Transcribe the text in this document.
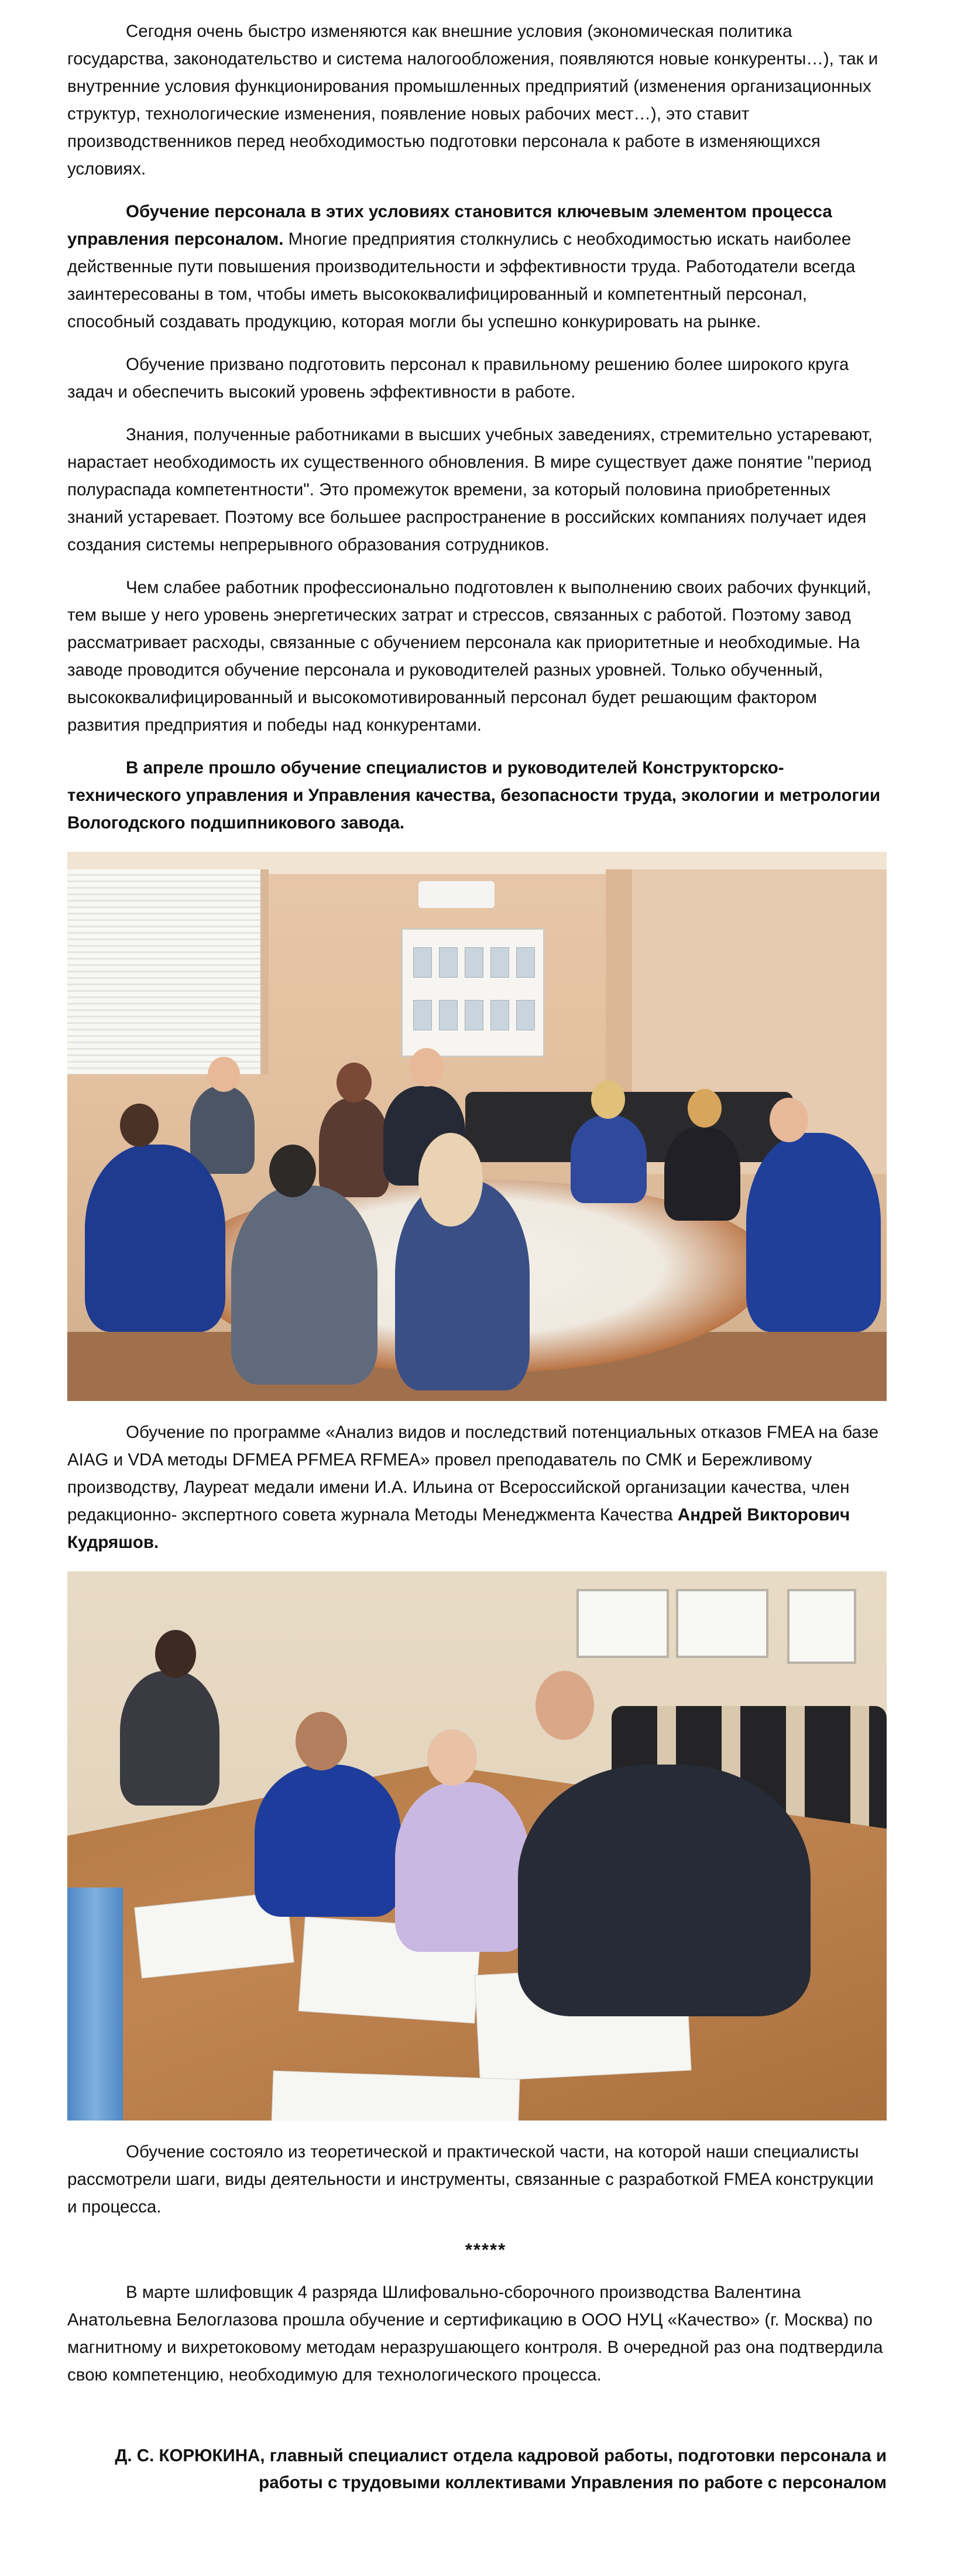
Сегодня очень быстро изменяются как внешние условия (экономическая политика государства, законодательство и система налогообложения, появляются новые конкуренты…), так и внутренние условия функционирования промышленных предприятий (изменения организационных структур, технологические изменения, появление новых рабочих мест…), это ставит производственников перед необходимостью подготовки персонала к работе в изменяющихся условиях.

Обучение персонала в этих условиях становится ключевым элементом процесса управления персоналом. Многие предприятия столкнулись с необходимостью искать наиболее действенные пути повышения производительности и эффективности труда. Работодатели всегда заинтересованы в том, чтобы иметь высококвалифицированный и компетентный персонал, способный создавать продукцию, которая могли бы успешно конкурировать на рынке.

Обучение призвано подготовить персонал к правильному решению более широкого круга задач и обеспечить высокий уровень эффективности в работе.

Знания, полученные работниками в высших учебных заведениях, стремительно устаревают, нарастает необходимость их существенного обновления. В мире существует даже понятие "период полураспада компетентности". Это промежуток времени, за который половина приобретенных знаний устаревает. Поэтому все большее распространение в российских компаниях получает идея создания системы непрерывного образования сотрудников.

Чем слабее работник профессионально подготовлен к выполнению своих рабочих функций, тем выше у него уровень энергетических затрат и стрессов, связанных с работой. Поэтому завод рассматривает расходы, связанные с обучением персонала как приоритетные и необходимые. На заводе проводится обучение персонала и руководителей разных уровней. Только обученный, высококвалифицированный и высокомотивированный персонал будет решающим фактором развития предприятия и победы над конкурентами.

В апреле прошло обучение специалистов и руководителей Конструкторско-технического управления и Управления качества, безопасности труда, экологии и метрологии Вологодского подшипникового завода.

Обучение по программе «Анализ видов и последствий потенциальных отказов FMEA на базе AIAG и VDA методы DFMEA PFMEA RFMEA» провел преподаватель по СМК и Бережливому производству, Лауреат медали имени И.А. Ильина от Всероссийской организации качества, член редакционно- экспертного совета журнала Методы Менеджмента Качества Андрей Викторович Кудряшов.

Обучение состояло из теоретической и практической части, на которой наши специалисты рассмотрели шаги, виды деятельности и инструменты, связанные с разработкой FMEA конструкции и процесса.

*****

В марте шлифовщик 4 разряда Шлифовально-сборочного производства Валентина Анатольевна Белоглазова прошла обучение и сертификацию в ООО НУЦ «Качество» (г. Москва) по магнитному и вихретоковому методам неразрушающего контроля. В очередной раз она подтвердила свою компетенцию, необходимую для технологического процесса.

Д. С. КОРЮКИНА, главный специалист отдела кадровой работы, подготовки персонала и
работы с трудовыми коллективами Управления по работе с персоналом
